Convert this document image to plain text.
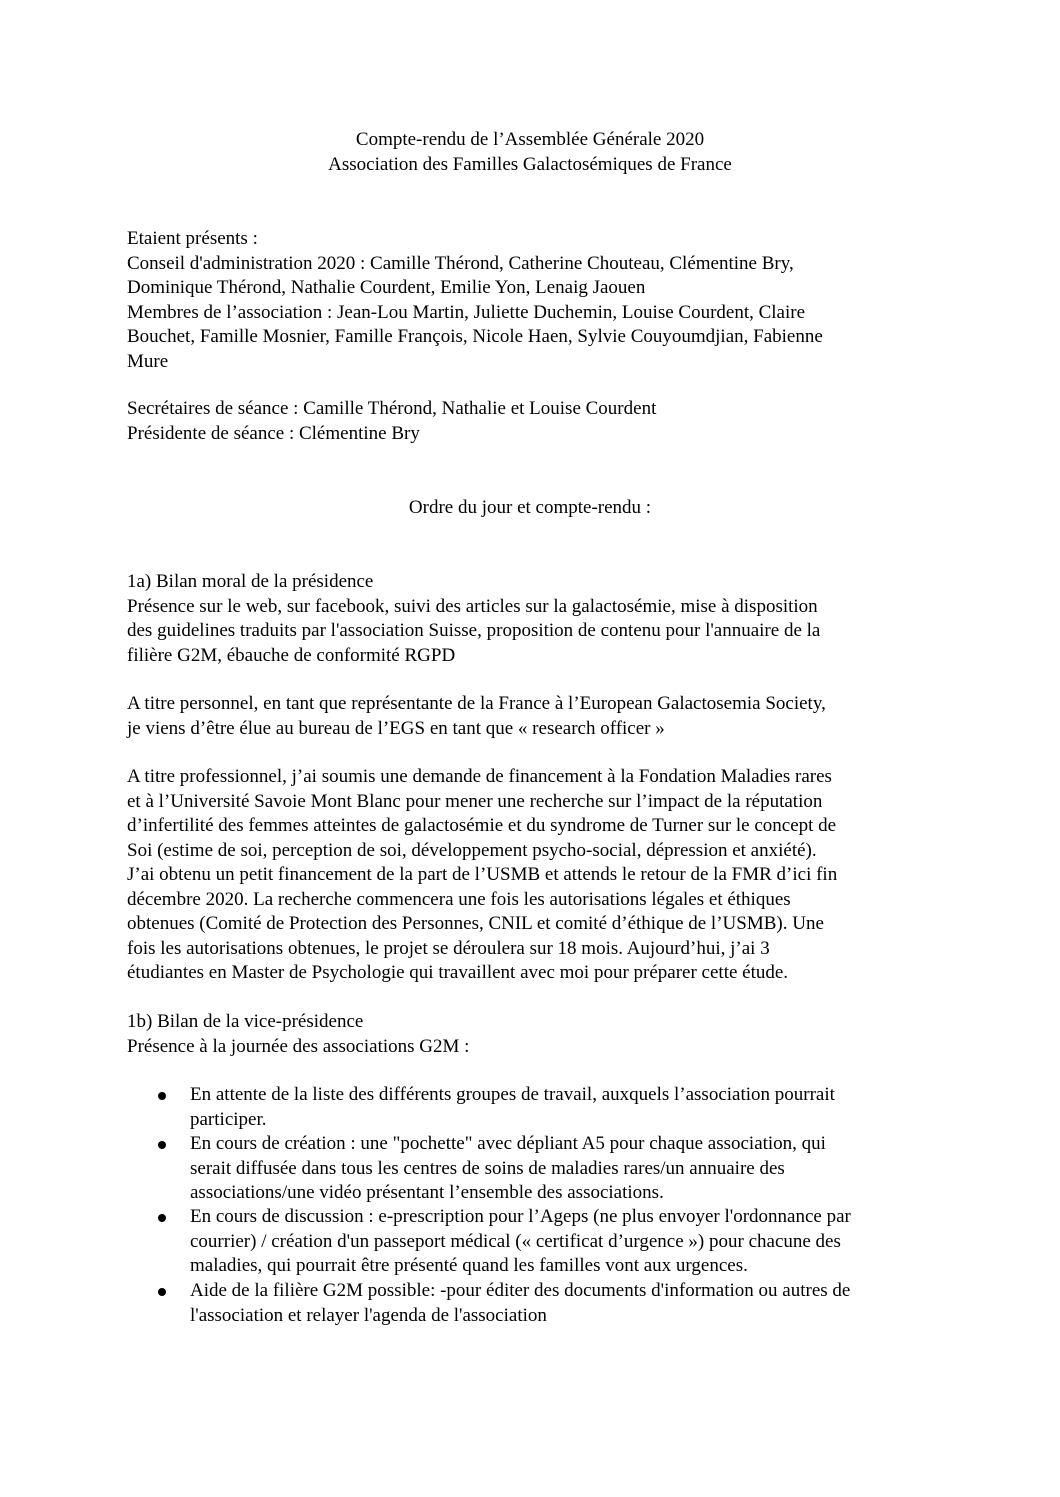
Compte-rendu de l’Assemblée Générale 2020
Association des Familles Galactosémiques de France
Etaient présents :
Conseil d'administration 2020 : Camille Thérond, Catherine Chouteau, Clémentine Bry,
Dominique Thérond, Nathalie Courdent, Emilie Yon, Lenaig Jaouen
Membres de l’association : Jean-Lou Martin, Juliette Duchemin, Louise Courdent, Claire
Bouchet, Famille Mosnier, Famille François, Nicole Haen, Sylvie Couyoumdjian, Fabienne
Mure
Secrétaires de séance : Camille Thérond, Nathalie et Louise Courdent
Présidente de séance : Clémentine Bry
Ordre du jour et compte-rendu :
1a) Bilan moral de la présidence
Présence sur le web, sur facebook, suivi des articles sur la galactosémie, mise à disposition
des guidelines traduits par l'association Suisse, proposition de contenu pour l'annuaire de la
filière G2M, ébauche de conformité RGPD
A titre personnel, en tant que représentante de la France à l’European Galactosemia Society,
je viens d’être élue au bureau de l’EGS en tant que « research officer »
A titre professionnel, j’ai soumis une demande de financement à la Fondation Maladies rares
et à l’Université Savoie Mont Blanc pour mener une recherche sur l’impact de la réputation
d’infertilité des femmes atteintes de galactosémie et du syndrome de Turner sur le concept de
Soi (estime de soi, perception de soi, développement psycho-social, dépression et anxiété).
J’ai obtenu un petit financement de la part de l’USMB et attends le retour de la FMR d’ici fin
décembre 2020. La recherche commencera une fois les autorisations légales et éthiques
obtenues (Comité de Protection des Personnes, CNIL et comité d’éthique de l’USMB). Une
fois les autorisations obtenues, le projet se déroulera sur 18 mois. Aujourd’hui, j’ai 3
étudiantes en Master de Psychologie qui travaillent avec moi pour préparer cette étude.
1b) Bilan de la vice-présidence
Présence à la journée des associations G2M :
En attente de la liste des différents groupes de travail, auxquels l’association pourrait
participer.
En cours de création : une "pochette" avec dépliant A5 pour chaque association, qui
serait diffusée dans tous les centres de soins de maladies rares/un annuaire des
associations/une vidéo présentant l’ensemble des associations.
En cours de discussion : e-prescription pour l’Ageps (ne plus envoyer l'ordonnance par
courrier) / création d'un passeport médical (« certificat d’urgence ») pour chacune des
maladies, qui pourrait être présenté quand les familles vont aux urgences.
Aide de la filière G2M possible: -pour éditer des documents d'information ou autres de
l'association et relayer l'agenda de l'association
